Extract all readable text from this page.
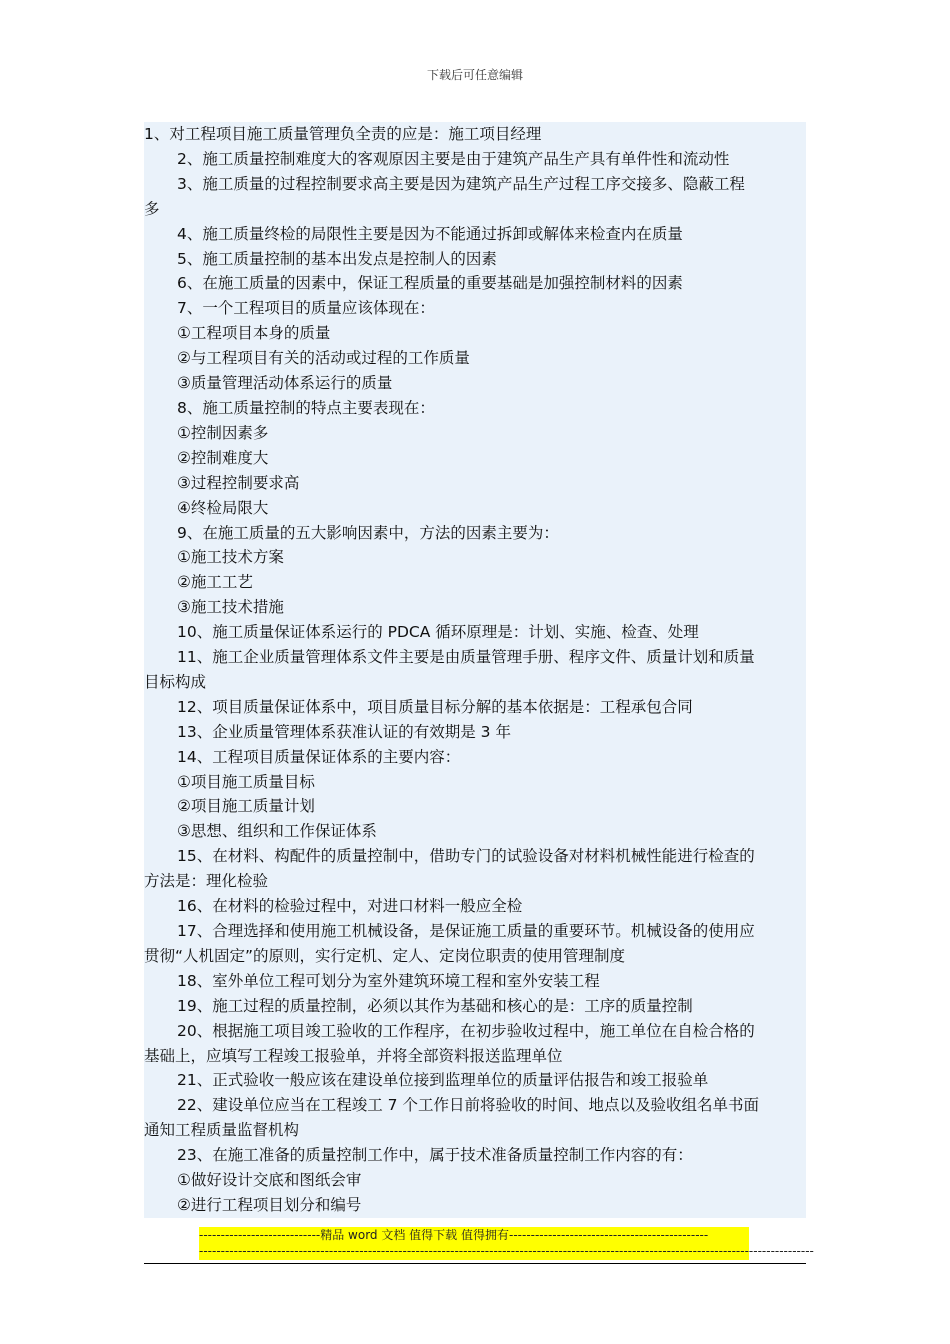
下载后可任意编辑
1、对工程项目施工质量管理负全责的应是：施工项目经理
2、施工质量控制难度大的客观原因主要是由于建筑产品生产具有单件性和流动性
3、施工质量的过程控制要求高主要是因为建筑产品生产过程工序交接多、隐蔽工程
多
4、施工质量终检的局限性主要是因为不能通过拆卸或解体来检查内在质量
5、施工质量控制的基本出发点是控制人的因素
6、在施工质量的因素中，保证工程质量的重要基础是加强控制材料的因素
7、一个工程项目的质量应该体现在：
①工程项目本身的质量
②与工程项目有关的活动或过程的工作质量
③质量管理活动体系运行的质量
8、施工质量控制的特点主要表现在：
①控制因素多
②控制难度大
③过程控制要求高
④终检局限大
9、在施工质量的五大影响因素中，方法的因素主要为：
①施工技术方案
②施工工艺
③施工技术措施
10、施工质量保证体系运行的 PDCA 循环原理是：计划、实施、检查、处理
11、施工企业质量管理体系文件主要是由质量管理手册、程序文件、质量计划和质量
目标构成
12、项目质量保证体系中，项目质量目标分解的基本依据是：工程承包合同
13、企业质量管理体系获准认证的有效期是 3 年
14、工程项目质量保证体系的主要内容：
①项目施工质量目标
②项目施工质量计划
③思想、组织和工作保证体系
15、在材料、构配件的质量控制中，借助专门的试验设备对材料机械性能进行检查的
方法是：理化检验
16、在材料的检验过程中，对进口材料一般应全检
17、合理选择和使用施工机械设备，是保证施工质量的重要环节。机械设备的使用应
贯彻“人机固定”的原则，实行定机、定人、定岗位职责的使用管理制度
18、室外单位工程可划分为室外建筑环境工程和室外安装工程
19、施工过程的质量控制，必须以其作为基础和核心的是：工序的质量控制
20、根据施工项目竣工验收的工作程序，在初步验收过程中，施工单位在自检合格的
基础上，应填写工程竣工报验单，并将全部资料报送监理单位
21、正式验收一般应该在建设单位接到监理单位的质量评估报告和竣工报验单
22、建设单位应当在工程竣工 7 个工作日前将验收的时间、地点以及验收组名单书面
通知工程质量监督机构
23、在施工准备的质量控制工作中，属于技术准备质量控制工作内容的有：
①做好设计交底和图纸会审
②进行工程项目划分和编号
----------------------------精品 word 文档 值得下载 值得拥有----------------------------------------------
----------------------------------------------------------------------------------------------------------------------------------------------
